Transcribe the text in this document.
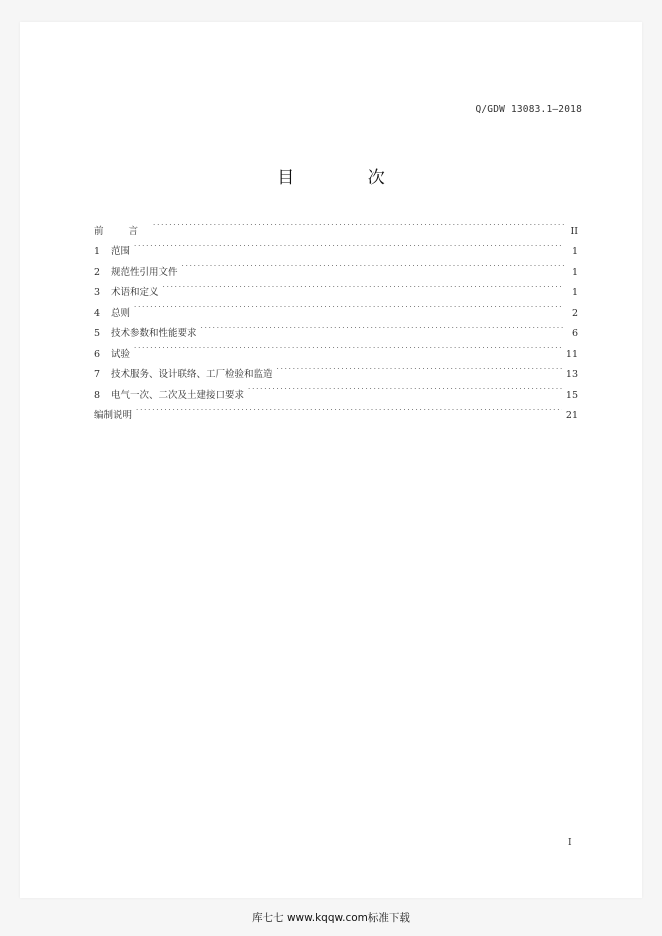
Q/GDW 13083.1—2018
目 次
前 言 . . .	II
1	范围 . . .	1
2	规范性引用文件 . . .	1
3	术语和定义 . . .	1
4	总则 . . .	2
5	技术参数和性能要求 . . .	6
6	试验 . . .	11
7	技术服务、设计联络、工厂检验和监造 . . .	13
8	电气一次、二次及土建接口要求 . . .	15
编制说明 . . .	21
I
库七七 www.kqqw.com标准下载
